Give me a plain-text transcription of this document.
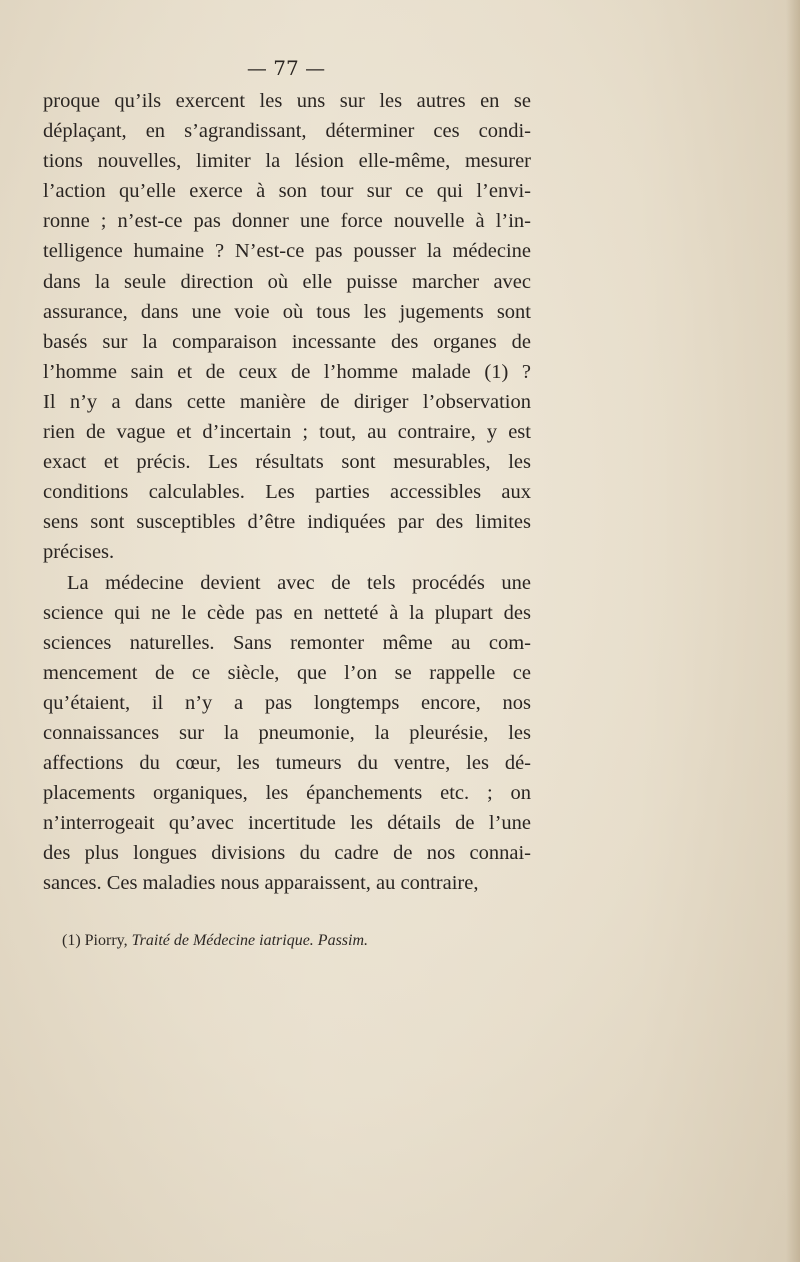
— 77 —
proque qu’ils exercent les uns sur les autres en se
déplaçant, en s’agrandissant, déterminer ces condi-
tions nouvelles, limiter la lésion elle-même, mesurer
l’action qu’elle exerce à son tour sur ce qui l’envi-
ronne ; n’est-ce pas donner une force nouvelle à l’in-
telligence humaine ? N’est-ce pas pousser la médecine
dans la seule direction où elle puisse marcher avec
assurance, dans une voie où tous les jugements sont
basés sur la comparaison incessante des organes de
l’homme sain et de ceux de l’homme malade (1) ?
Il n’y a dans cette manière de diriger l’observation
rien de vague et d’incertain ; tout, au contraire, y est
exact et précis. Les résultats sont mesurables, les
conditions calculables. Les parties accessibles aux
sens sont susceptibles d’être indiquées par des limites
précises.
La médecine devient avec de tels procédés une
science qui ne le cède pas en netteté à la plupart des
sciences naturelles. Sans remonter même au com-
mencement de ce siècle, que l’on se rappelle ce
qu’étaient, il n’y a pas longtemps encore, nos
connaissances sur la pneumonie, la pleurésie, les
affections du cœur, les tumeurs du ventre, les dé-
placements organiques, les épanchements etc. ; on
n’interrogeait qu’avec incertitude les détails de l’une
des plus longues divisions du cadre de nos connai-
sances. Ces maladies nous apparaissent, au contraire,
(1) Piorry, Traité de Médecine iatrique. Passim.
